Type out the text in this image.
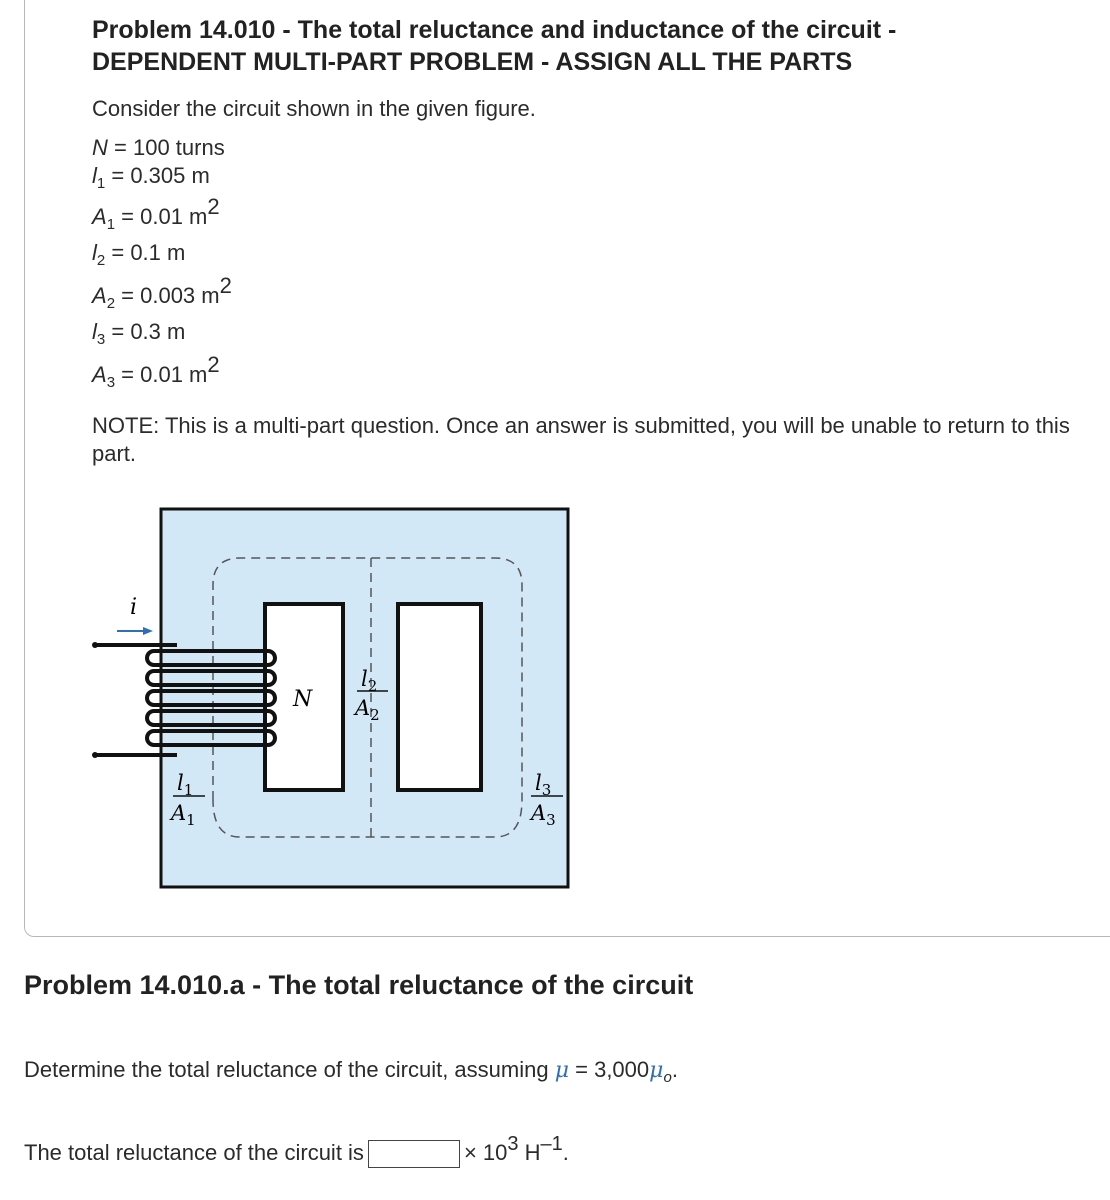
Problem 14.010 - The total reluctance and inductance of the circuit - DEPENDENT MULTI-PART PROBLEM - ASSIGN ALL THE PARTS
Consider the circuit shown in the given figure.
N = 100 turns
$l_1 = 0.305$ m
$A_1 = 0.01$ m2
$l_2 = 0.1$ m
$A_2 = 0.003$ m2
$l_3 = 0.3$ m
$A_3 = 0.01$ m2
NOTE: This is a multi-part question. Once an answer is submitted, you will be unable to return to this part.
i
N
$l_2$
$A_2$
$l_1$
$A_1$
$l_3$
$A_3$
Problem 14.010.a - The total reluctance of the circuit
Determine the total reluctance of the circuit, assuming $\mu = 3,000\mu_o$.
The total reluctance of the circuit is	× 103 H–1.
